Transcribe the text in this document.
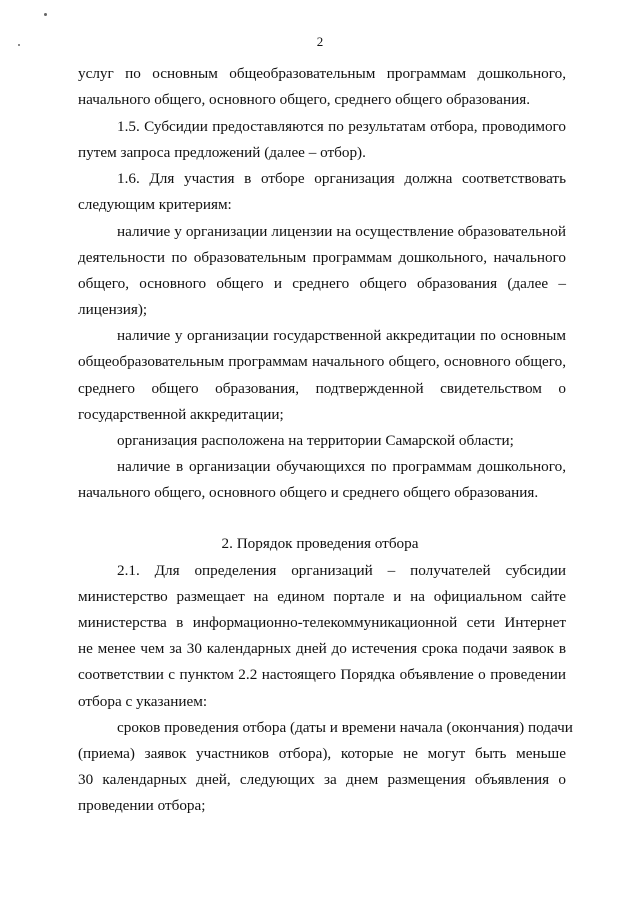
2
услуг по основным общеобразовательным программам дошкольного,
начального общего, основного общего, среднего общего образования.
1.5. Субсидии предоставляются по результатам отбора, проводимого
путем запроса предложений (далее – отбор).
1.6. Для участия в отборе организация должна соответствовать
следующим критериям:
наличие у организации лицензии на осуществление образовательной
деятельности по образовательным программам дошкольного, начального
общего, основного общего и среднего общего образования (далее –
лицензия);
наличие у организации государственной аккредитации по основным
общеобразовательным программам начального общего, основного общего,
среднего общего образования, подтвержденной свидетельством о
государственной аккредитации;
организация расположена на территории Самарской области;
наличие в организации обучающихся по программам дошкольного,
начального общего, основного общего и среднего общего образования.
2. Порядок проведения отбора
2.1. Для определения организаций – получателей субсидии
министерство размещает на едином портале и на официальном сайте
министерства в информационно-телекоммуникационной сети Интернет
не менее чем за 30 календарных дней до истечения срока подачи заявок в
соответствии с пунктом 2.2 настоящего Порядка объявление о проведении
отбора с указанием:
сроков проведения отбора (даты и времени начала (окончания) подачи
(приема) заявок участников отбора), которые не могут быть меньше
30 календарных дней, следующих за днем размещения объявления о
проведении отбора;
